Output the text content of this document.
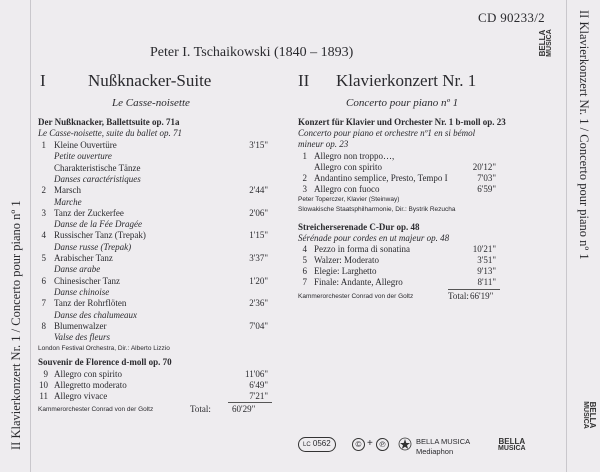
II Klavierkonzert Nr. 1 / Concerto pour piano nº 1
II Klavierkonzert Nr. 1 / Concerto pour piano nº 1
CD 90233/2
BELLA MUSICA
BELLA
MUSICA
Peter I. Tschaikowski (1840 – 1893)
I Nußknacker-Suite
Le Casse-noisette
Der Nußknacker, Ballettsuite op. 71a
Le Casse-noisette, suite du ballet op. 71
1 Kleine Ouvertüre	3'15"
Petite ouverture
Charakteristische Tänze
Danses caractéristiques
2 Marsch	2'44"
Marche
3 Tanz der Zuckerfee	2'06"
Danse de la Fée Dragée
4 Russischer Tanz (Trepak)	1'15"
Danse russe (Trepak)
5 Arabischer Tanz	3'37"
Danse arabe
6 Chinesischer Tanz	1'20"
Danse chinoise
7 Tanz der Rohrflöten	2'36"
Danse des chalumeaux
8 Blumenwalzer	7'04"
Valse des fleurs
London Festival Orchestra, Dir.: Alberto Lizzio
Souvenir de Florence d-moll op. 70
9 Allegro con spirito	11'06"
10 Allegretto moderato	6'49"
11 Allegro vivace	7'21"
Kammerorchester Conrad von der Goltz	Total: 60'29"
II Klavierkonzert Nr. 1
Concerto pour piano nº 1
Konzert für Klavier und Orchester Nr. 1 b-moll op. 23
Concerto pour piano et orchestre nº1 en si bémol
mineur op. 23
1 Allegro non troppo…,
Allegro con spirito	20'12"
2 Andantino semplice, Presto, Tempo I	7'03"
3 Allegro con fuoco	6'59"
Peter Toperczer, Klavier (Steinway)
Slowakische Staatsphilharmonie, Dir.: Bystrik Rezucha
Streicherserenade C-Dur op. 48
Sérénade pour cordes en ut majeur op. 48
4 Pezzo in forma di sonatina	10'21"
5 Walzer: Moderato	3'51"
6 Elegie: Larghetto	9'13"
7 Finale: Andante, Allegro	8'11"
Kammerorchester Conrad von der Goltz	Total: 66'19"
LC 0562	© + ℗	BELLA MUSICA
Mediaphon
BELLA
MUSICA
